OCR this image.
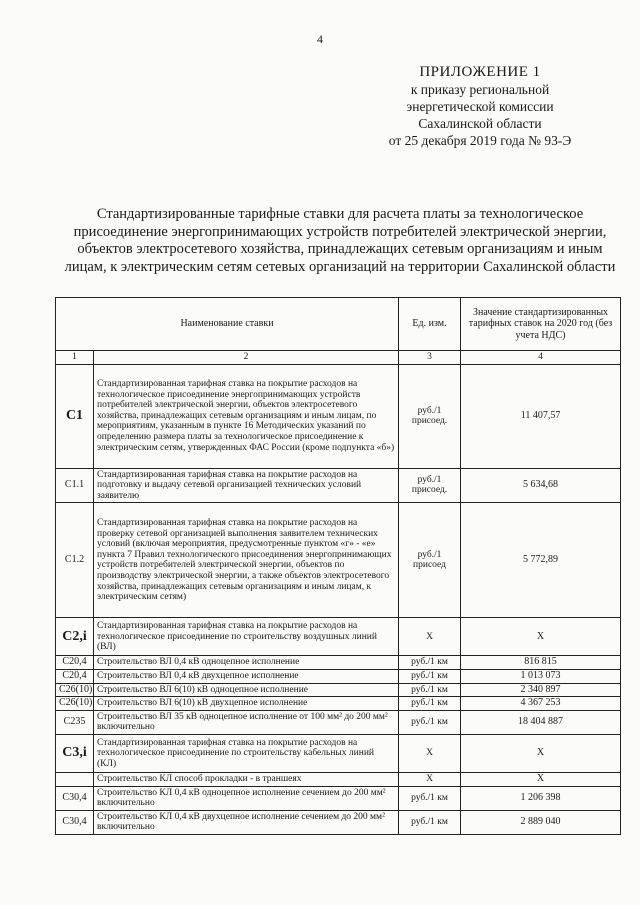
4
ПРИЛОЖЕНИЕ 1
к приказу региональной
энергетической комиссии
Сахалинской области
от 25 декабря 2019 года № 93-Э
Стандартизированные тарифные ставки для расчета платы за технологическое присоединение энергопринимающих устройств потребителей электрической энергии, объектов электросетевого хозяйства, принадлежащих сетевым организациям и иным лицам, к электрическим сетям сетевых организаций на территории Сахалинской области
Наименование ставки		Ед. изм.	Значение стандартизированных тарифных ставок на 2020 год (без учета НДС)
1	2	3	4
C1	Стандартизированная тарифная ставка на покрытие расходов на технологическое присоединение энергопринимающих устройств потребителей электрической энергии, объектов электросетевого хозяйства, принадлежащих сетевым организациям и иным лицам, по мероприятиям, указанным в пункте 16 Методических указаний по определению размера платы за технологическое присоединение к электрическим сетям, утвержденных ФАС России (кроме подпункта «б»)	руб./1 присоед.	11 407,57
C1.1	Стандартизированная тарифная ставка на покрытие расходов на подготовку и выдачу сетевой организацией технических условий заявителю	руб./1 присоед.	5 634,68
C1.2	Стандартизированная тарифная ставка на покрытие расходов на проверку сетевой организацией выполнения заявителем технических условий (включая мероприятия, предусмотренные пунктом «г» - «е» пункта 7 Правил технологического присоединения энергопринимающих устройств потребителей электрической энергии, объектов по производству электрической энергии, а также объектов электросетевого хозяйства, принадлежащих сетевым организациям и иным лицам, к электрическим сетям)	руб./1 присоед	5 772,89
C2,i	Стандартизированная тарифная ставка на покрытие расходов на технологическое присоединение по строительству воздушных линий (ВЛ)	Х	Х
C20,4	Строительство ВЛ 0,4 кВ одноцепное исполнение	руб./1 км	816 815
C20,4	Строительство ВЛ 0,4 кВ двухцепное исполнение	руб./1 км	1 013 073
C26(10)	Строительство ВЛ 6(10) кВ одноцепное исполнение	руб./1 км	2 340 897
C26(10)	Строительство ВЛ 6(10) кВ двухцепное исполнение	руб./1 км	4 367 253
C235	Строительство ВЛ 35 кВ одноцепное исполнение от 100 мм² до 200 мм² включительно	руб./1 км	18 404 887
C3,i	Стандартизированная тарифная ставка на покрытие расходов на технологическое присоединение по строительству кабельных линий (КЛ)	Х	Х
	Строительство КЛ способ прокладки - в траншеях	Х	Х
C30,4	Строительство КЛ 0,4 кВ одноцепное исполнение сечением до 200 мм² включительно	руб./1 км	1 206 398
C30,4	Строительство КЛ 0,4 кВ двухцепное исполнение сечением до 200 мм² включительно	руб./1 км	2 889 040
